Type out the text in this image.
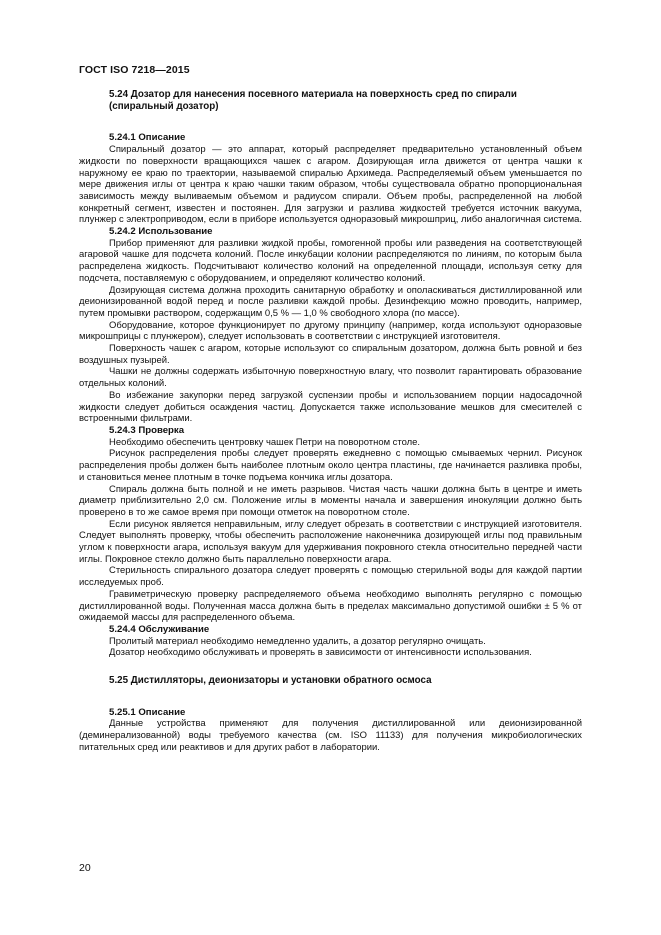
ГОСТ ISO 7218—2015
5.24 Дозатор для нанесения посевного материала на поверхность сред по спирали (спиральный дозатор)
5.24.1 Описание

Спиральный дозатор — это аппарат, который распределяет предварительно установленный объем жидкости по поверхности вращающихся чашек с агаром. Дозирующая игла движется от центра чашки к наружному ее краю по траектории, называемой спиралью Архимеда. Распределяемый объем уменьшается по мере движения иглы от центра к краю чашки таким образом, чтобы существовала обратно пропорциональная зависимость между выливаемым объемом и радиусом спирали. Объем пробы, распределенной на любой конкретный сегмент, известен и постоянен. Для загрузки и разлива жидкостей требуется источник вакуума, плунжер с электроприводом, если в приборе используется одноразовый микрошприц, либо аналогичная система.

5.24.2 Использование

Прибор применяют для разливки жидкой пробы, гомогенной пробы или разведения на соответствующей агаровой чашке для подсчета колоний. После инкубации колонии распределяются по линиям, по которым была распределена жидкость. Подсчитывают количество колоний на определенной площади, используя сетку для подсчета, поставляемую с оборудованием, и определяют количество колоний.

Дозирующая система должна проходить санитарную обработку и ополаскиваться дистиллированной или деионизированной водой перед и после разливки каждой пробы. Дезинфекцию можно проводить, например, путем промывки раствором, содержащим 0,5 % — 1,0 % свободного хлора (по массе).

Оборудование, которое функционирует по другому принципу (например, когда используют одноразовые микрошприцы с плунжером), следует использовать в соответствии с инструкцией изготовителя.

Поверхность чашек с агаром, которые используют со спиральным дозатором, должна быть ровной и без воздушных пузырей.

Чашки не должны содержать избыточную поверхностную влагу, что позволит гарантировать образование отдельных колоний.

Во избежание закупорки перед загрузкой суспензии пробы и использованием порции надосадочной жидкости следует добиться осаждения частиц. Допускается также использование мешков для смесителей с встроенными фильтрами.

5.24.3 Проверка

Необходимо обеспечить центровку чашек Петри на поворотном столе.

Рисунок распределения пробы следует проверять ежедневно с помощью смываемых чернил. Рисунок распределения пробы должен быть наиболее плотным около центра пластины, где начинается разливка пробы, и становиться менее плотным в точке подъема кончика иглы дозатора.

Спираль должна быть полной и не иметь разрывов. Чистая часть чашки должна быть в центре и иметь диаметр приблизительно 2,0 см. Положение иглы в моменты начала и завершения инокуляции должно быть проверено в то же самое время при помощи отметок на поворотном столе.

Если рисунок является неправильным, иглу следует обрезать в соответствии с инструкцией изготовителя. Следует выполнять проверку, чтобы обеспечить расположение наконечника дозирующей иглы под правильным углом к поверхности агара, используя вакуум для удерживания покровного стекла относительно передней части иглы. Покровное стекло должно быть параллельно поверхности агара.

Стерильность спирального дозатора следует проверять с помощью стерильной воды для каждой партии исследуемых проб.

Гравиметрическую проверку распределяемого объема необходимо выполнять регулярно с помощью дистиллированной воды. Полученная масса должна быть в пределах максимально допустимой ошибки ± 5 % от ожидаемой массы для распределенного объема.

5.24.4 Обслуживание

Пролитый материал необходимо немедленно удалить, а дозатор регулярно очищать.

Дозатор необходимо обслуживать и проверять в зависимости от интенсивности использования.

5.25 Дистилляторы, деионизаторы и установки обратного осмоса
5.25.1 Описание

Данные устройства применяют для получения дистиллированной или деионизированной (деминерализованной) воды требуемого качества (см. ISO 11133) для получения микробиологических питательных сред или реактивов и для других работ в лаборатории.

20
